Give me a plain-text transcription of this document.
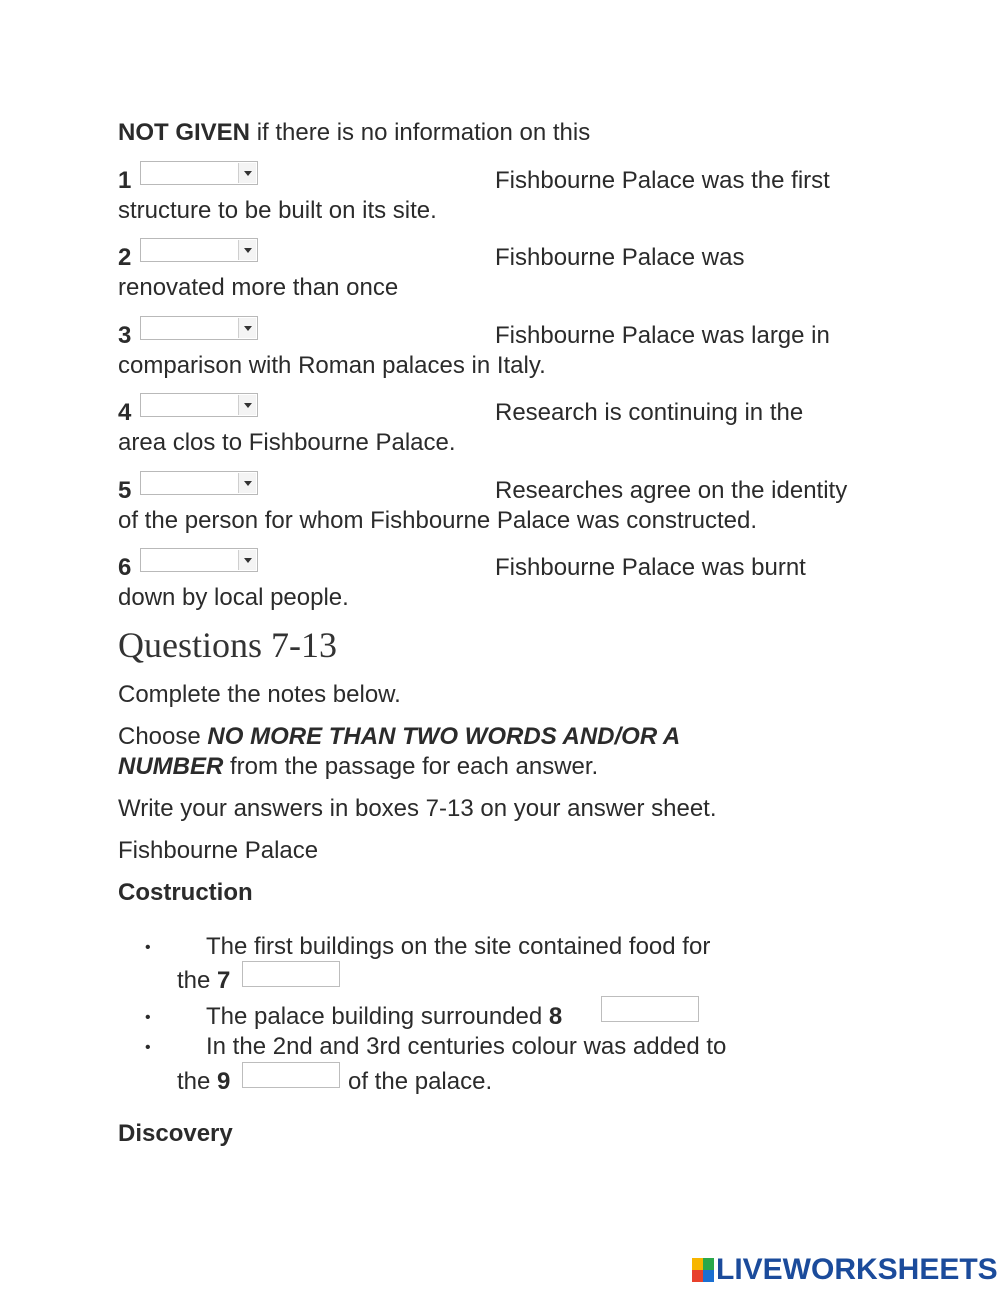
NOT GIVEN if there is no information on this
1	Fishbourne Palace was the first
structure to be built on its site.
2	Fishbourne Palace was
renovated more than once
3	Fishbourne Palace was large in
comparison with Roman palaces in Italy.
4	Research is continuing in the
area clos to Fishbourne Palace.
5	Researches agree on the identity
of the person for whom Fishbourne Palace was constructed.
6	Fishbourne Palace was burnt
down by local people.
Questions 7-13
Complete the notes below.
Choose NO MORE THAN TWO WORDS AND/OR A
NUMBER from the passage for each answer.
Write your answers in boxes 7-13 on your answer sheet.
Fishbourne Palace
Costruction
• The first buildings on the site contained food for
the 7
• The palace building surrounded 8
• In the 2nd and 3rd centuries colour was added to
the 9	of the palace.
Discovery
LIVEWORKSHEETS
